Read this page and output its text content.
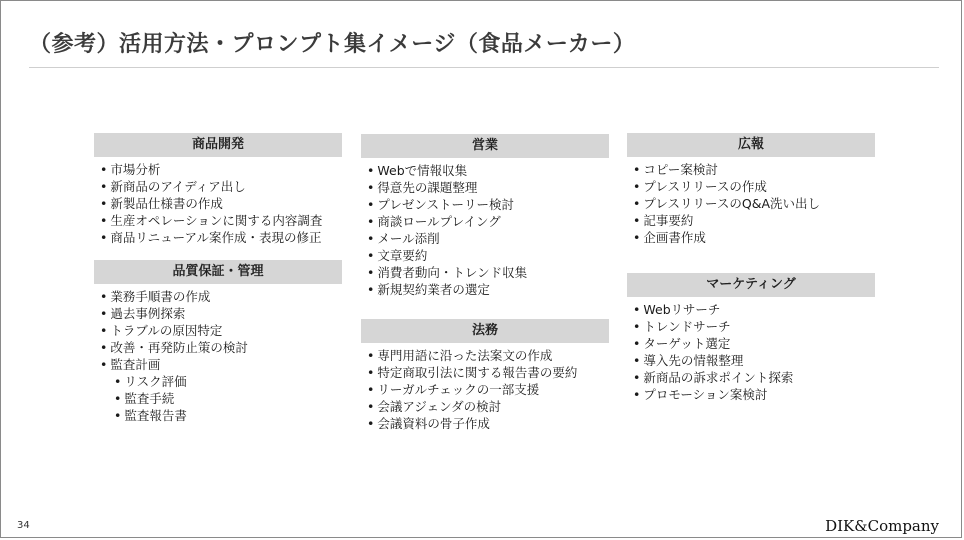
（参考）活用方法・プロンプト集イメージ（食品メーカー）
商品開発
• 市場分析
• 新商品のアイディア出し
• 新製品仕様書の作成
• 生産オペレーションに関する内容調査
• 商品リニューアル案作成・表現の修正
品質保証・管理
• 業務手順書の作成
• 過去事例探索
• トラブルの原因特定
• 改善・再発防止策の検討
• 監査計画
• リスク評価
• 監査手続
• 監査報告書
営業
• Webで情報収集
• 得意先の課題整理
• プレゼンストーリー検討
• 商談ロールプレイング
• メール添削
• 文章要約
• 消費者動向・トレンド収集
• 新規契約業者の選定
法務
• 専門用語に沿った法案文の作成
• 特定商取引法に関する報告書の要約
• リーガルチェックの一部支援
• 会議アジェンダの検討
• 会議資料の骨子作成
広報
• コピー案検討
• プレスリリースの作成
• プレスリリースのQ&A洗い出し
• 記事要約
• 企画書作成
マーケティング
• Webリサーチ
• トレンドサーチ
• ターゲット選定
• 導入先の情報整理
• 新商品の訴求ポイント探索
• プロモーション案検討
34	DIK&Company
